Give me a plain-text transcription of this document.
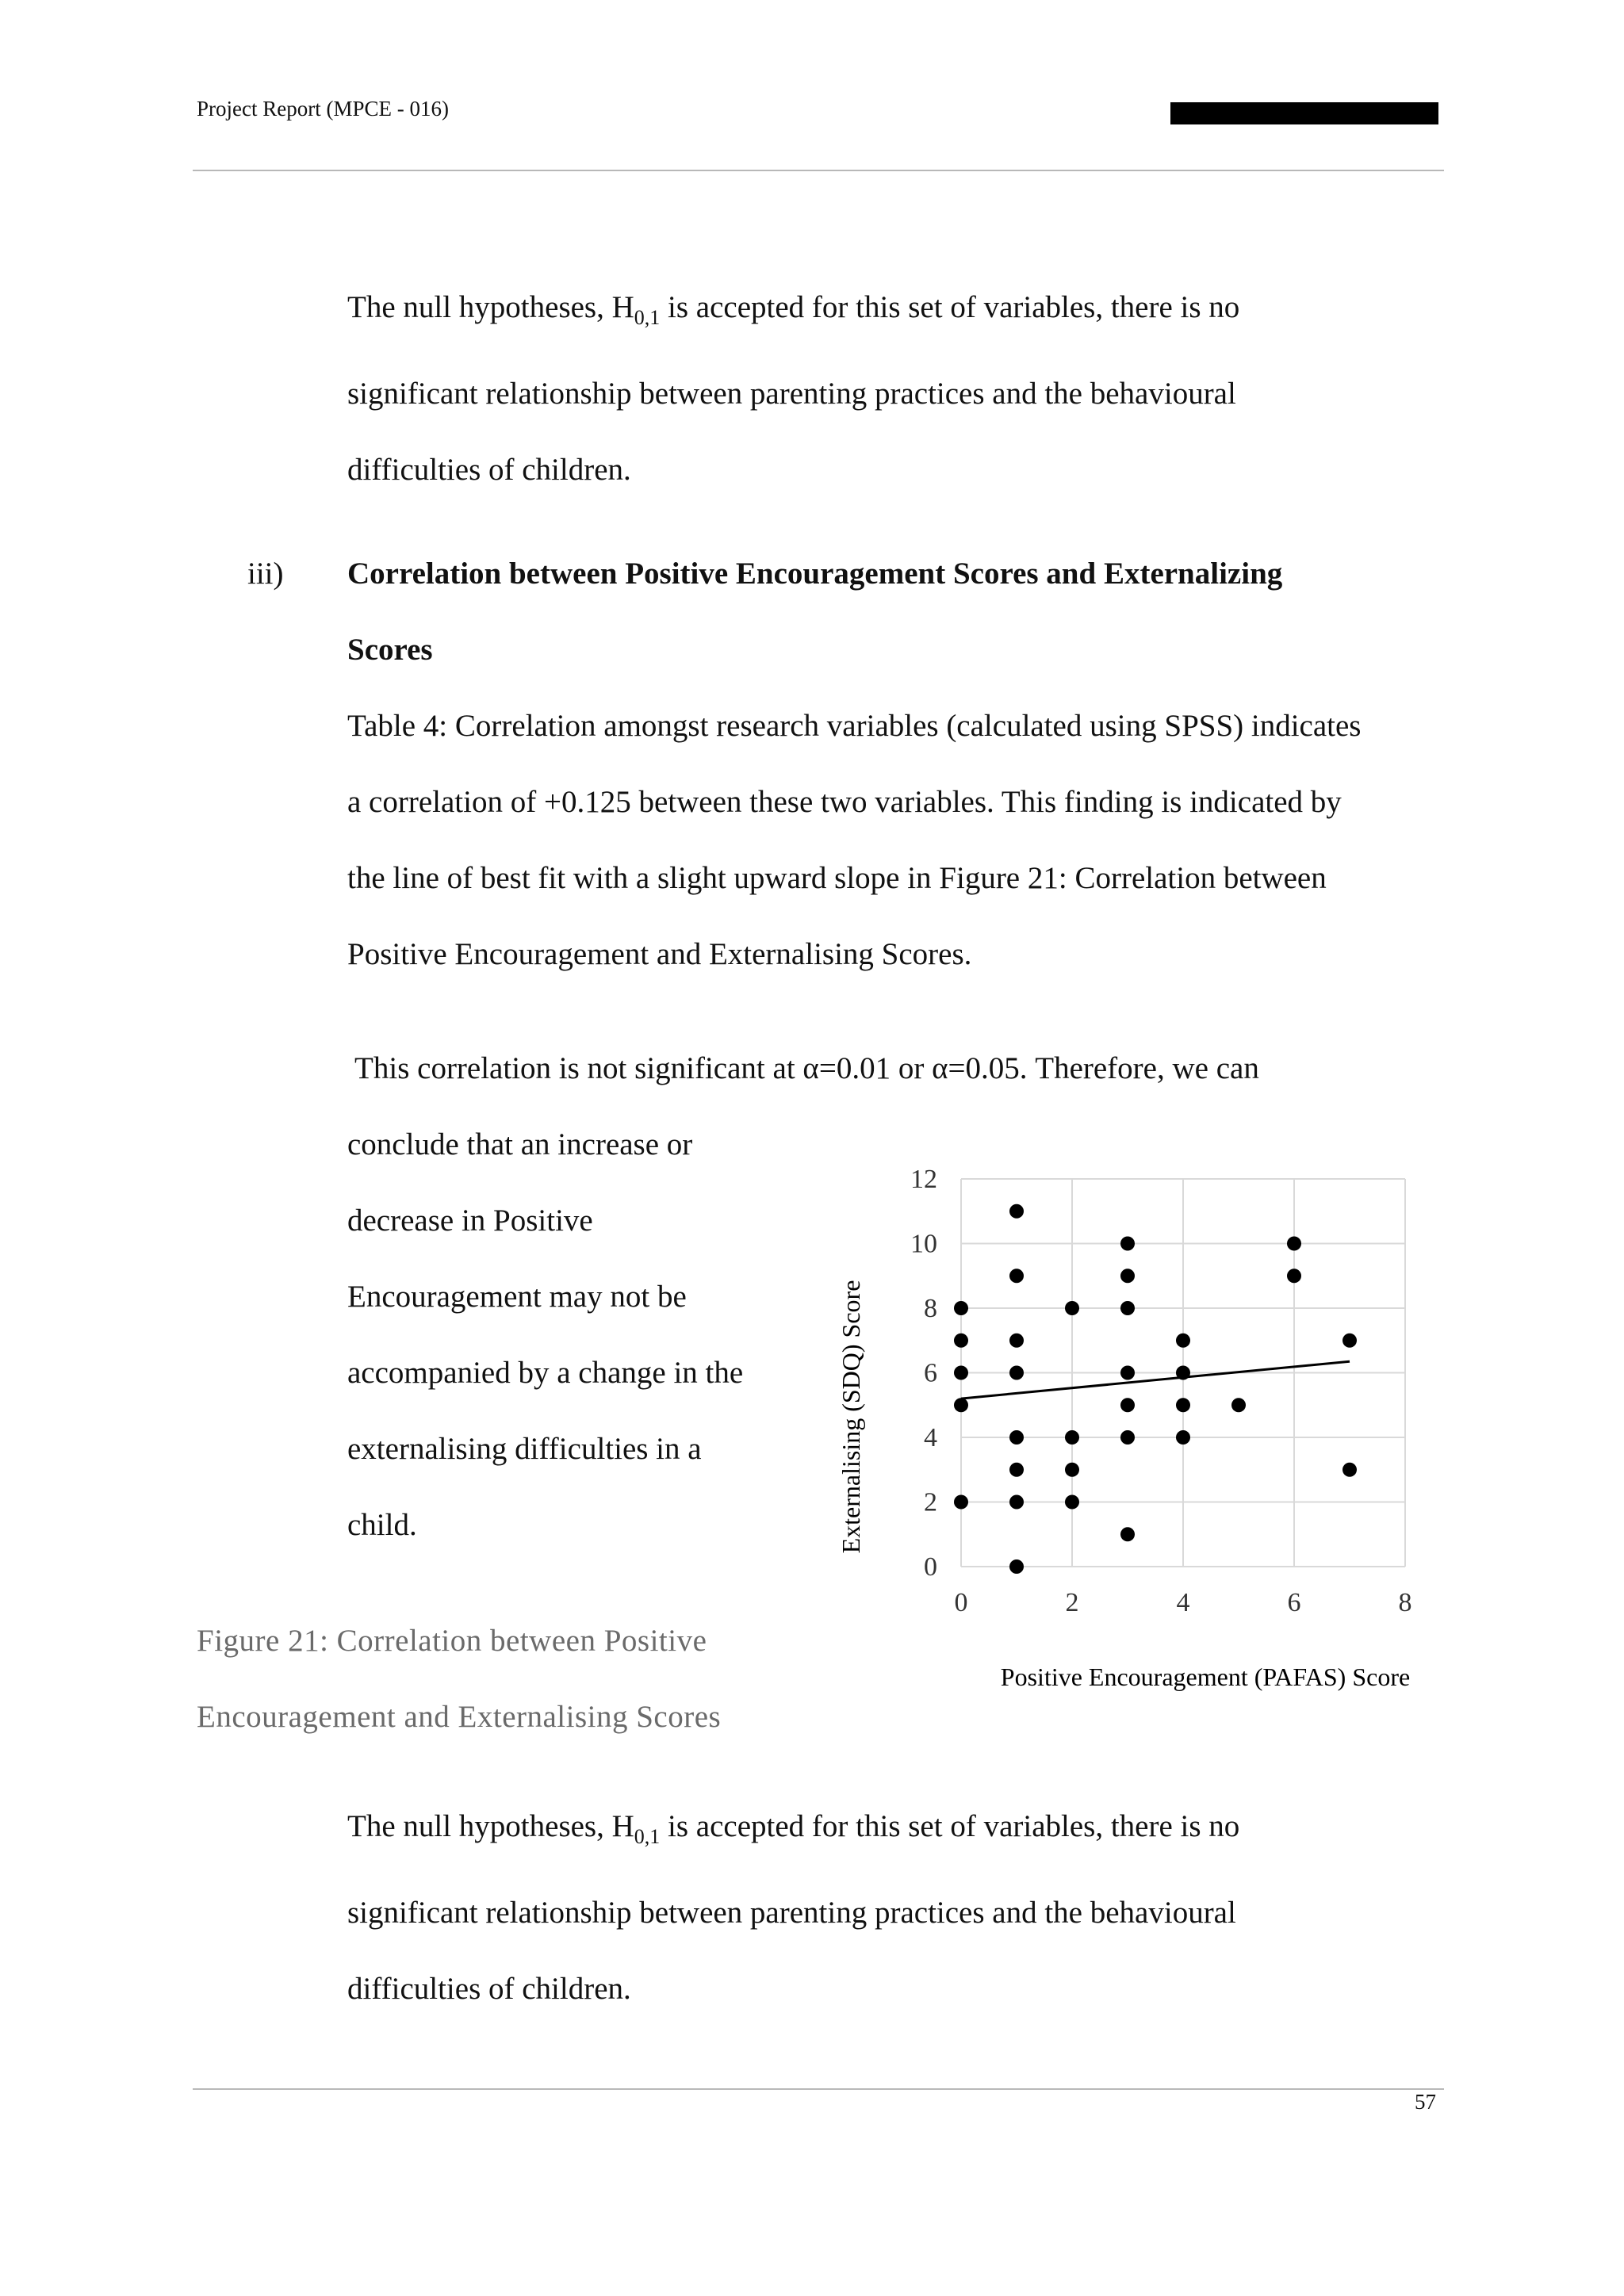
Project Report (MPCE - 016)

The null hypotheses, $H_{0,1}$ is accepted for this set of variables, there is no

significant relationship between parenting practices and the behavioural

difficulties of children.

iii) Correlation between Positive Encouragement Scores and Externalizing

Scores

Table 4: Correlation amongst research variables (calculated using SPSS) indicates

a correlation of +0.125 between these two variables. This finding is indicated by

the line of best fit with a slight upward slope in Figure 21: Correlation between

Positive Encouragement and Externalising Scores.

This correlation is not significant at α=0.01 or α=0.05. Therefore, we can

conclude that an increase or

decrease in Positive

Encouragement may not be

accompanied by a change in the

externalising difficulties in a

child.

Figure 21: Correlation between Positive
Encouragement and Externalising Scores
0
2
4
6
8
10
12
0	2	4	6	8
Externalising (SDQ) Score
Positive Encouragement (PAFAS) Score

The null hypotheses, $H_{0,1}$ is accepted for this set of variables, there is no

significant relationship between parenting practices and the behavioural

difficulties of children.

57
